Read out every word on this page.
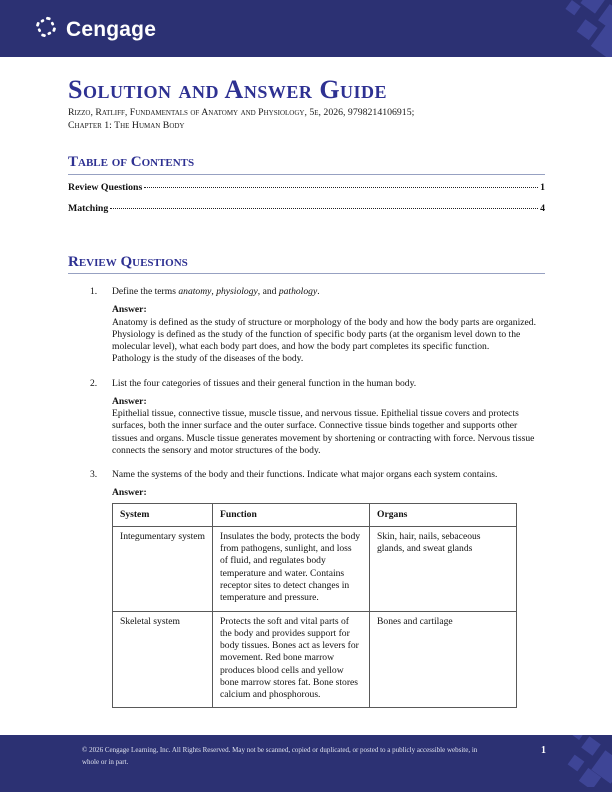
Cengage
Solution and Answer Guide
Rizzo, Ratliff, Fundamentals of Anatomy and Physiology, 5e, 2026, 9798214106915;
Chapter 1: The Human Body
Table of Contents
Review Questions	1
Matching	4
Review Questions
1.	Define the terms anatomy, physiology, and pathology.
Answer:
Anatomy is defined as the study of structure or morphology of the body and how the body parts are organized.
Physiology is defined as the study of the function of specific body parts (at the organism level down to the molecular level), what each body part does, and how the body part completes its specific function.
Pathology is the study of the diseases of the body.
2.	List the four categories of tissues and their general function in the human body.
Answer:
Epithelial tissue, connective tissue, muscle tissue, and nervous tissue. Epithelial tissue covers and protects surfaces, both the inner surface and the outer surface. Connective tissue binds together and supports other tissues and organs. Muscle tissue generates movement by shortening or contracting with force. Nervous tissue connects the sensory and motor structures of the body.
3.	Name the systems of the body and their functions. Indicate what major organs each system contains.
Answer:
System	Function	Organs
Integumentary system	Insulates the body, protects the body from pathogens, sunlight, and loss of fluid, and regulates body temperature and water. Contains receptor sites to detect changes in temperature and pressure.	Skin, hair, nails, sebaceous glands, and sweat glands
Skeletal system	Protects the soft and vital parts of the body and provides support for body tissues. Bones act as levers for movement. Red bone marrow produces blood cells and yellow bone marrow stores fat. Bone stores calcium and phosphorous.	Bones and cartilage
© 2026 Cengage Learning, Inc. All Rights Reserved. May not be scanned, copied or duplicated, or posted to a publicly accessible website, in whole or in part.
1
